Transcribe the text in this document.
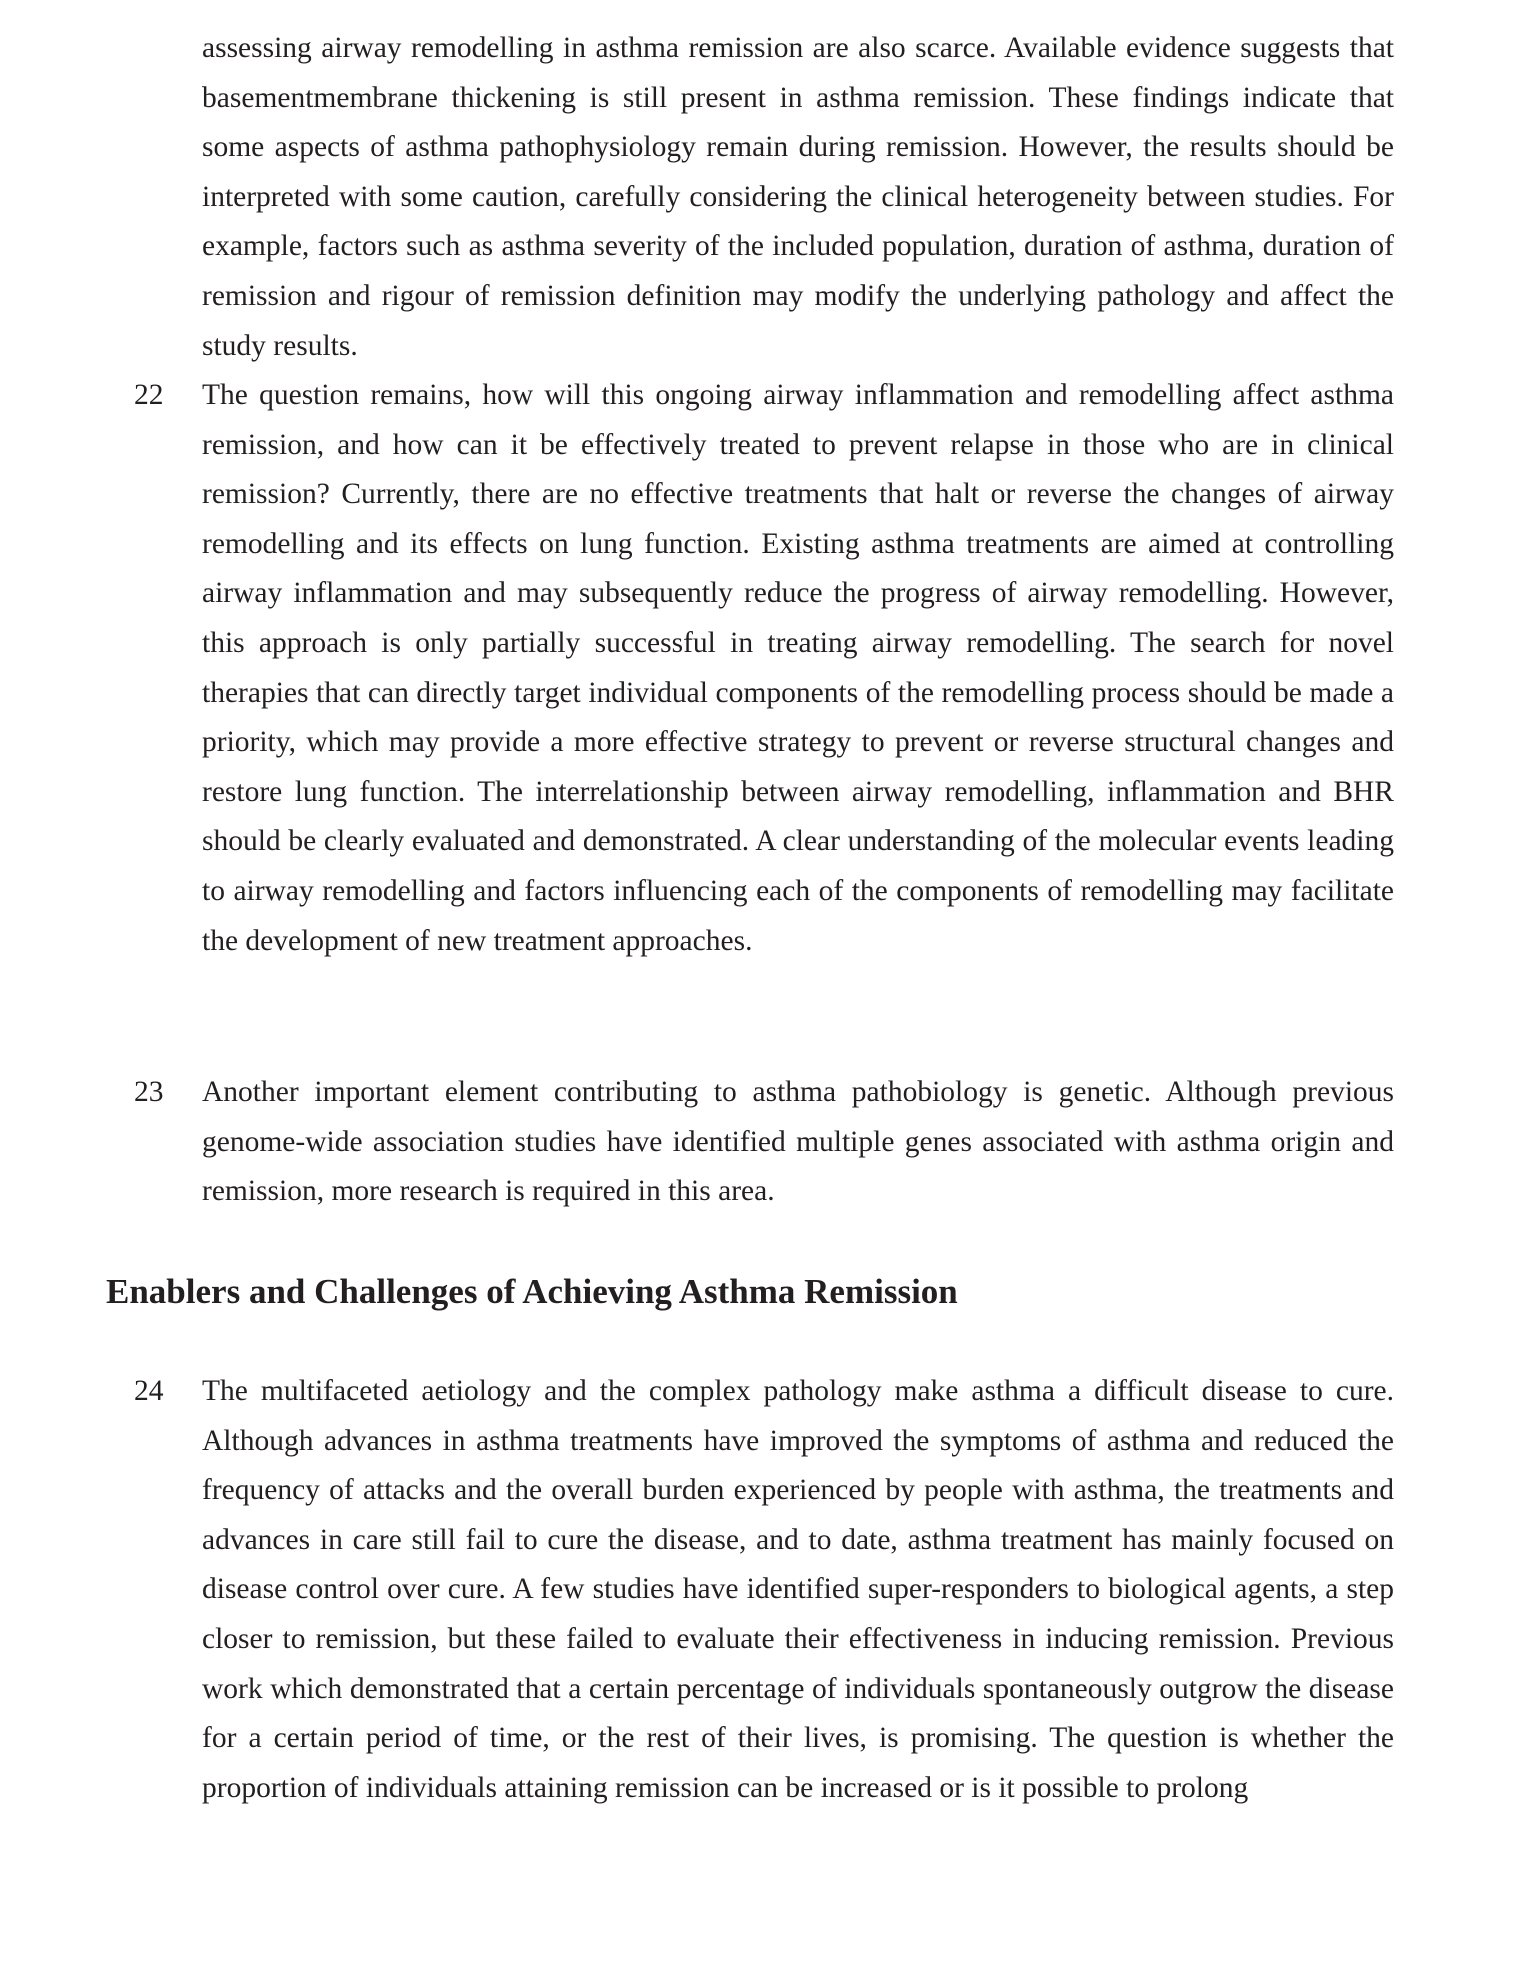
assessing airway remodelling in asthma remission are also scarce. Available evidence suggests that basementmembrane thickening is still present in asthma remission. These findings indicate that some aspects of asthma pathophysiology remain during remission. However, the results should be interpreted with some caution, carefully considering the clinical heterogeneity between studies. For example, factors such as asthma severity of the included population, duration of asthma, duration of remission and rigour of remission definition may modify the underlying pathology and affect the study results.

22 The question remains, how will this ongoing airway inflammation and remodelling affect asthma remission, and how can it be effectively treated to prevent relapse in those who are in clinical remission? Currently, there are no effective treatments that halt or reverse the changes of airway remodelling and its effects on lung function. Existing asthma treatments are aimed at controlling airway inflammation and may subsequently reduce the progress of airway remodelling. However, this approach is only partially successful in treating airway remodelling. The search for novel therapies that can directly target individual components of the remodelling process should be made a priority, which may provide a more effective strategy to prevent or reverse structural changes and restore lung function. The interrelationship between airway remodelling, inflammation and BHR should be clearly evaluated and demonstrated. A clear understanding of the molecular events leading to airway remodelling and factors influencing each of the components of remodelling may facilitate the development of new treatment approaches.

23 Another important element contributing to asthma pathobiology is genetic. Although previous genome-wide association studies have identified multiple genes associated with asthma origin and remission, more research is required in this area.

Enablers and Challenges of Achieving Asthma Remission
24 The multifaceted aetiology and the complex pathology make asthma a difficult disease to cure. Although advances in asthma treatments have improved the symptoms of asthma and reduced the frequency of attacks and the overall burden experienced by people with asthma, the treatments and advances in care still fail to cure the disease, and to date, asthma treatment has mainly focused on disease control over cure. A few studies have identified super-responders to biological agents, a step closer to remission, but these failed to evaluate their effectiveness in inducing remission. Previous work which demonstrated that a certain percentage of individuals spontaneously outgrow the disease for a certain period of time, or the rest of their lives, is promising. The question is whether the proportion of individuals attaining remission can be increased or is it possible to prolong
